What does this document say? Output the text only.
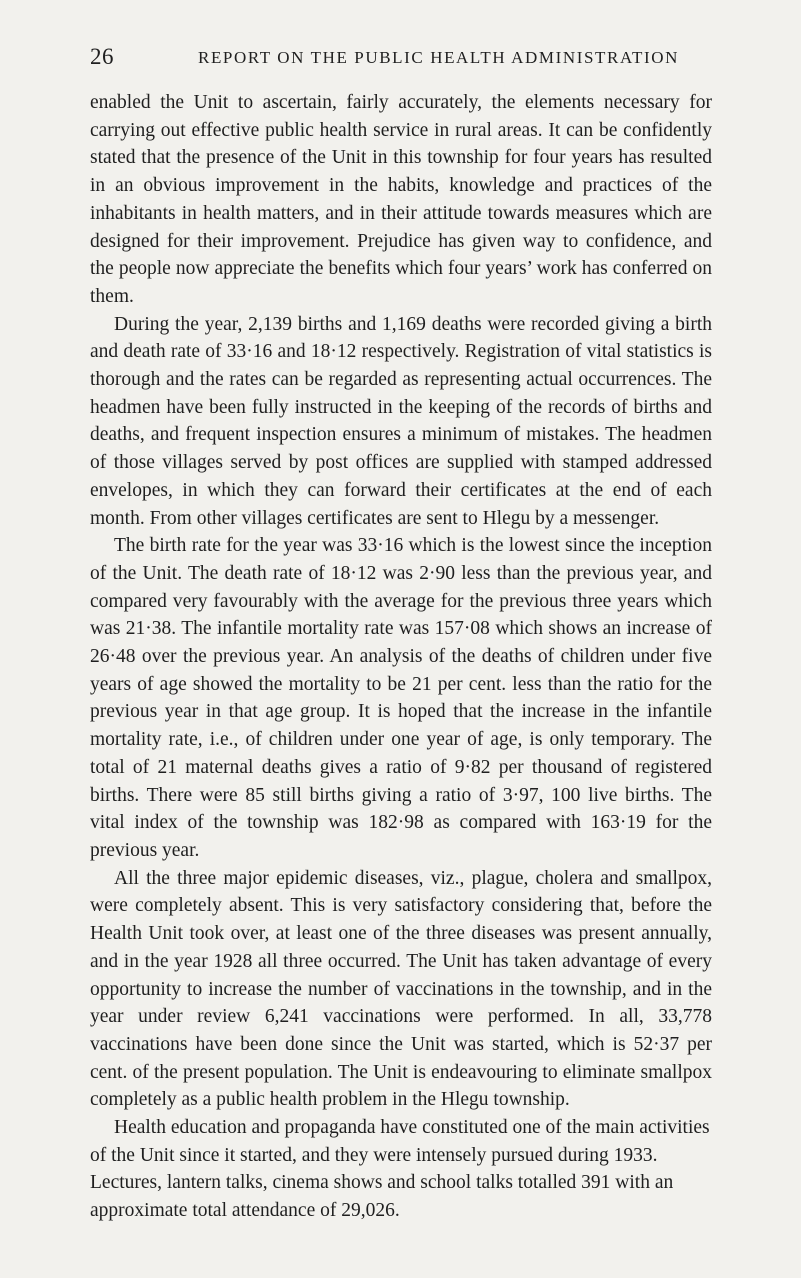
26	REPORT ON THE PUBLIC HEALTH ADMINISTRATION

enabled the Unit to ascertain, fairly accurately, the elements necessary for carrying out effective public health service in rural areas. It can be confidently stated that the presence of the Unit in this township for four years has resulted in an obvious improvement in the habits, knowledge and practices of the inhabitants in health matters, and in their attitude towards measures which are designed for their improvement. Prejudice has given way to confidence, and the people now appreciate the benefits which four years’ work has conferred on them.

During the year, 2,139 births and 1,169 deaths were recorded giving a birth and death rate of 33·16 and 18·12 respectively. Registration of vital statistics is thorough and the rates can be regarded as representing actual occurrences. The headmen have been fully instructed in the keeping of the records of births and deaths, and frequent inspection ensures a minimum of mistakes. The headmen of those villages served by post offices are supplied with stamped addressed envelopes, in which they can forward their certificates at the end of each month. From other villages certificates are sent to Hlegu by a messenger.

The birth rate for the year was 33·16 which is the lowest since the inception of the Unit. The death rate of 18·12 was 2·90 less than the previous year, and compared very favourably with the average for the previous three years which was 21·38. The infantile mortality rate was 157·08 which shows an increase of 26·48 over the previous year. An analysis of the deaths of children under five years of age showed the mortality to be 21 per cent. less than the ratio for the previous year in that age group. It is hoped that the increase in the infantile mortality rate, i.e., of children under one year of age, is only temporary. The total of 21 maternal deaths gives a ratio of 9·82 per thousand of registered births. There were 85 still births giving a ratio of 3·97, 100 live births. The vital index of the township was 182·98 as compared with 163·19 for the previous year.

All the three major epidemic diseases, viz., plague, cholera and smallpox, were completely absent. This is very satisfactory considering that, before the Health Unit took over, at least one of the three diseases was present annually, and in the year 1928 all three occurred. The Unit has taken advantage of every opportunity to increase the number of vaccinations in the township, and in the year under review 6,241 vaccinations were performed. In all, 33,778 vaccinations have been done since the Unit was started, which is 52·37 per cent. of the present population. The Unit is endeavouring to eliminate smallpox completely as a public health problem in the Hlegu township.

Health education and propaganda have constituted one of the main activities of the Unit since it started, and they were intensely pursued during 1933. Lectures, lantern talks, cinema shows and school talks totalled 391 with an approximate total attendance of 29,026.
